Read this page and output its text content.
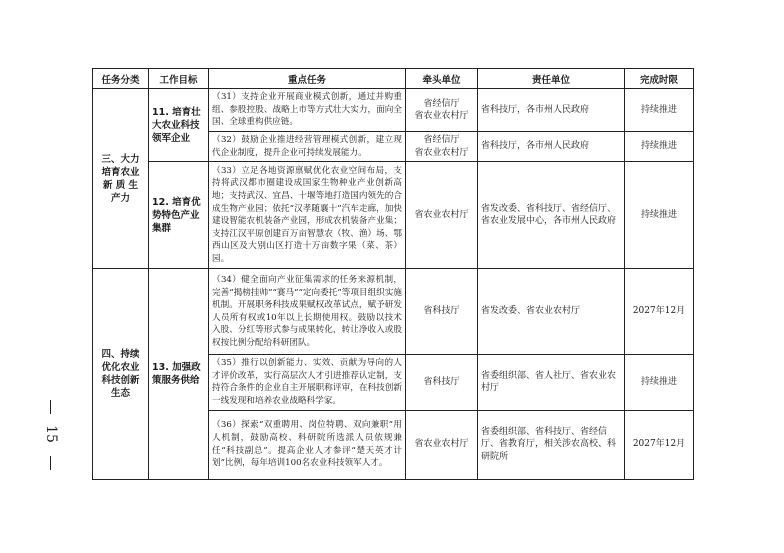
15
任务分类	工作目标	重点任务	牵头单位	责任单位	完成时限

三、大力
培育农业
新 质 生
产力	11. 培育壮
大农业科技
领军企业	（31）支持企业开展商业模式创新，通过并购重组、参股控股、战略上市等方式壮大实力，面向全国、全球重构供应链。	省经信厅
省农业农村厅	省科技厅，各市州人民政府	持续推进
		（32）鼓励企业推进经营管理模式创新，建立现代企业制度，提升企业可持续发展能力。	省经信厅
省农业农村厅	省科技厅，各市州人民政府	持续推进

	12. 培育优
势特色产业
集群	（33）立足各地资源禀赋优化农业空间布局，支持将武汉都市圈建设成国家生物种业产业创新高地；支持武汉、宜昌、十堰等地打造国内领先的合成生物产业园；依托“汉孝随襄十”汽车走廊，加快建设智能农机装备产业园，形成农机装备产业集；支持江汉平原创建百万亩智慧农（牧、渔）场、鄂西山区及大别山区打造十万亩数字果（菜、茶）园。	省农业农村厅	省发改委、省科技厅、省经信厅、省农业发展中心，各市州人民政府	持续推进

四、持续
优化农业
科技创新
生态	13. 加强政
策服务供给	（34）健全面向产业征集需求的任务来源机制，完善“揭榜挂帅”“赛马”“定向委托”等项目组织实施机制。开展职务科技成果赋权改革试点，赋予研发人员所有权或10年以上长期使用权。鼓励以技术入股、分红等形式参与成果转化，转让净收入或股权按比例分配给科研团队。	省科技厅	省发改委、省农业农村厅	2027年12月
		（35）推行以创新能力、实效、贡献为导向的人才评价改革，实行高层次人才引进推荐认定制，支持符合条件的企业自主开展职称评审，在科技创新一线发现和培养农业战略科学家。	省科技厅	省委组织部、省人社厅、省农业农村厅	持续推进
		（36）探索“双重聘用、岗位特聘、双向兼职”用人机制，鼓励高校、科研院所选派人员依规兼任“科技副总”。提高企业人才参评“楚天英才计划”比例，每年培训100名农业科技领军人才。	省农业农村厅	省委组织部、省科技厅、省经信厅、省教育厅，相关涉农高校、科研院所	2027年12月
